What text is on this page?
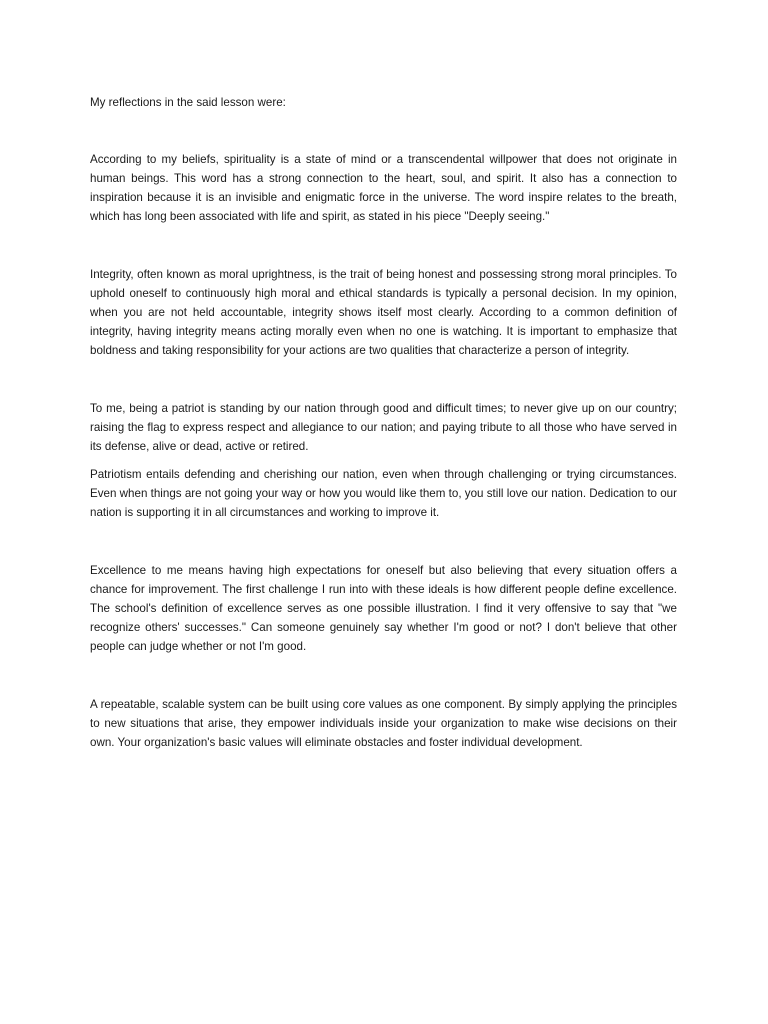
My reflections in the said lesson were:

According to my beliefs, spirituality is a state of mind or a transcendental willpower that does not originate in human beings. This word has a strong connection to the heart, soul, and spirit. It also has a connection to inspiration because it is an invisible and enigmatic force in the universe. The word inspire relates to the breath, which has long been associated with life and spirit, as stated in his piece "Deeply seeing."

Integrity, often known as moral uprightness, is the trait of being honest and possessing strong moral principles. To uphold oneself to continuously high moral and ethical standards is typically a personal decision. In my opinion, when you are not held accountable, integrity shows itself most clearly. According to a common definition of integrity, having integrity means acting morally even when no one is watching. It is important to emphasize that boldness and taking responsibility for your actions are two qualities that characterize a person of integrity.

To me, being a patriot is standing by our nation through good and difficult times; to never give up on our country; raising the flag to express respect and allegiance to our nation; and paying tribute to all those who have served in its defense, alive or dead, active or retired.

Patriotism entails defending and cherishing our nation, even when through challenging or trying circumstances. Even when things are not going your way or how you would like them to, you still love our nation. Dedication to our nation is supporting it in all circumstances and working to improve it.

Excellence to me means having high expectations for oneself but also believing that every situation offers a chance for improvement. The first challenge I run into with these ideals is how different people define excellence. The school's definition of excellence serves as one possible illustration. I find it very offensive to say that "we recognize others' successes." Can someone genuinely say whether I'm good or not? I don't believe that other people can judge whether or not I'm good.

A repeatable, scalable system can be built using core values as one component. By simply applying the principles to new situations that arise, they empower individuals inside your organization to make wise decisions on their own. Your organization's basic values will eliminate obstacles and foster individual development.
